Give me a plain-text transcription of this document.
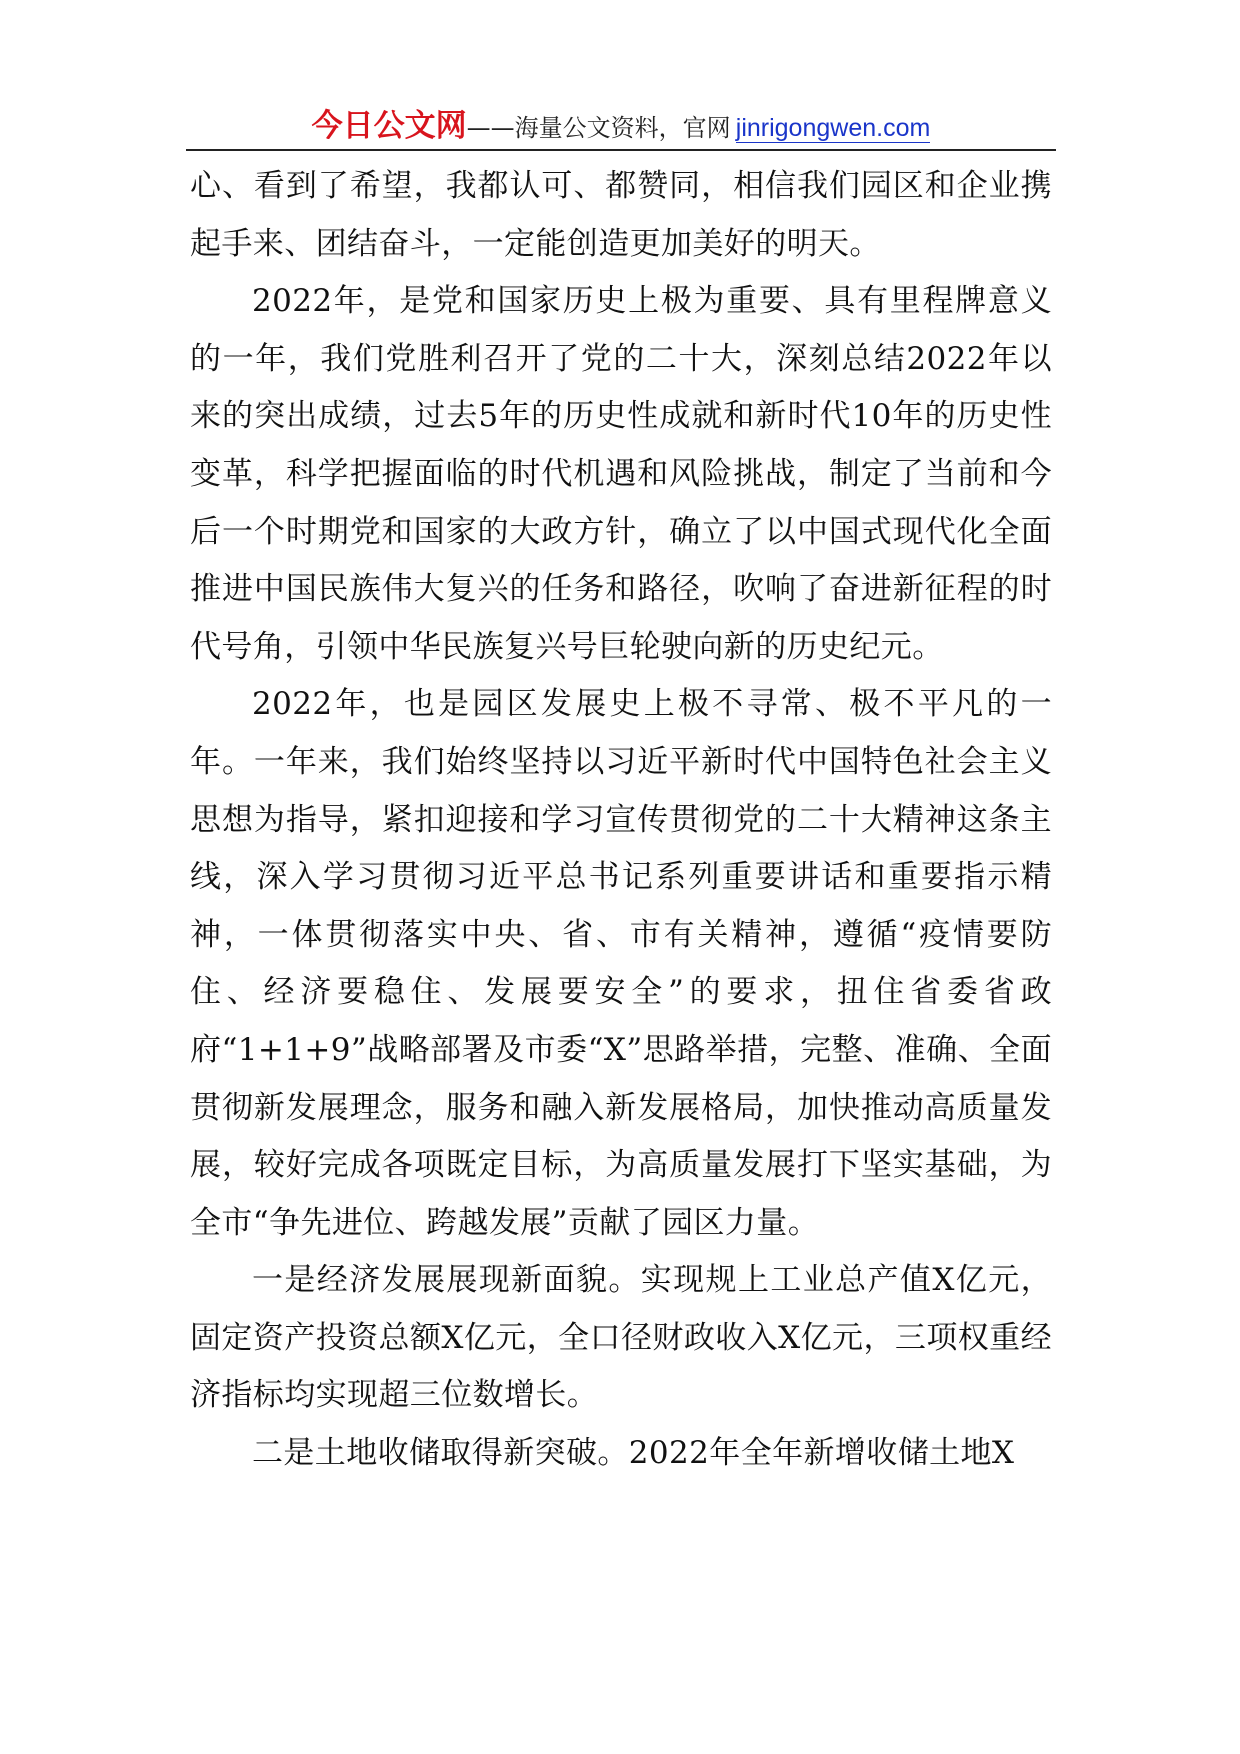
今日公文网——海量公文资料，官网 jinrigongwen.com

心、看到了希望，我都认可、都赞同，相信我们园区和企业携起手来、团结奋斗，一定能创造更加美好的明天。

2022年，是党和国家历史上极为重要、具有里程牌意义的一年，我们党胜利召开了党的二十大，深刻总结2022年以来的突出成绩，过去5年的历史性成就和新时代10年的历史性变革，科学把握面临的时代机遇和风险挑战，制定了当前和今后一个时期党和国家的大政方针，确立了以中国式现代化全面推进中国民族伟大复兴的任务和路径，吹响了奋进新征程的时代号角，引领中华民族复兴号巨轮驶向新的历史纪元。

2022年，也是园区发展史上极不寻常、极不平凡的一年。一年来，我们始终坚持以习近平新时代中国特色社会主义思想为指导，紧扣迎接和学习宣传贯彻党的二十大精神这条主线，深入学习贯彻习近平总书记系列重要讲话和重要指示精神，一体贯彻落实中央、省、市有关精神，遵循“疫情要防住、经济要稳住、发展要安全”的要求，扭住省委省政府“1+1+9”战略部署及市委“X”思路举措，完整、准确、全面贯彻新发展理念，服务和融入新发展格局，加快推动高质量发展，较好完成各项既定目标，为高质量发展打下坚实基础，为全市“争先进位、跨越发展”贡献了园区力量。

一是经济发展展现新面貌。实现规上工业总产值X亿元，固定资产投资总额X亿元，全口径财政收入X亿元，三项权重经济指标均实现超三位数增长。

二是土地收储取得新突破。2022年全年新增收储土地X
